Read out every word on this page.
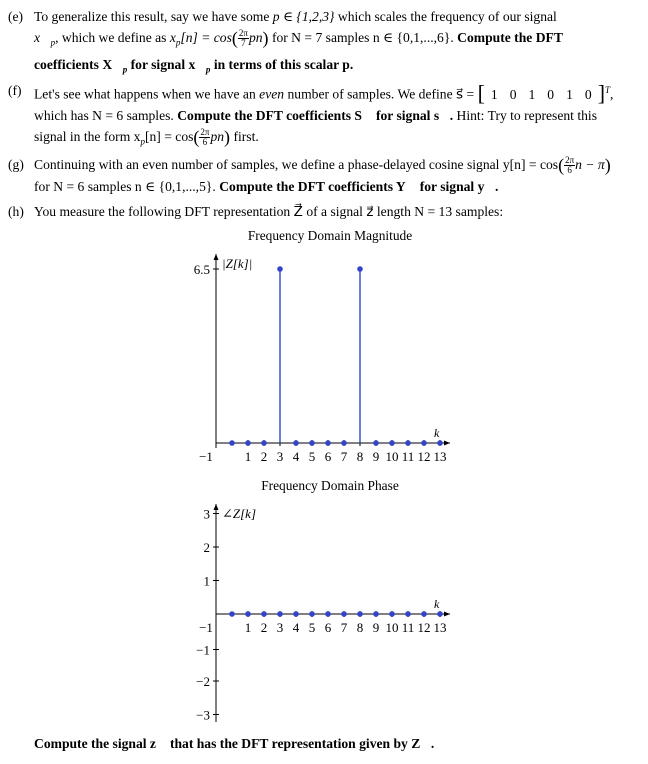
(e) To generalize this result, say we have some p ∈ {1,2,3} which scales the frequency of our signal
$x⃗_p$, which we define as $x_p[n] = \cos( \frac{2\pi}{7} pn)$ for N = 7 samples n ∈ {0,1,...,6}. Compute the DFT
coefficients $X⃗_p$ for signal $x⃗_p$ in terms of this scalar p.
(f) Let's see what happens when we have an even number of samples. We define s⃗ = [ 1 0 1 0 1 0 ]$^T$,
which has N = 6 samples. Compute the DFT coefficients S⃗ for signal s⃗. Hint: Try to represent this
signal in the form $x_p[n] = \cos( \frac{2\pi}{6} pn)$ first.
(g) Continuing with an even number of samples, we define a phase-delayed cosine signal $y[n] = \cos( \frac{2\pi}{6}$ n − π)
for N = 6 samples n ∈ {0,1,...,5}. Compute the DFT coefficients Y⃗ for signal y⃗.
(h) You measure the following DFT representation Z⃗ of a signal z⃗ length N = 13 samples:
Frequency Domain Magnitude
Frequency Domain Phase
−1 1 2 3 4 5 6 7 8 9 10 11 12 13
k
|Z[k]|
6.5
−1 1 2 3 4 5 6 7 8 9 10 11 12 13
k
∠Z[k]
3
2
1
−1
−2
−3
Compute the signal z⃗ that has the DFT representation given by Z⃗.
